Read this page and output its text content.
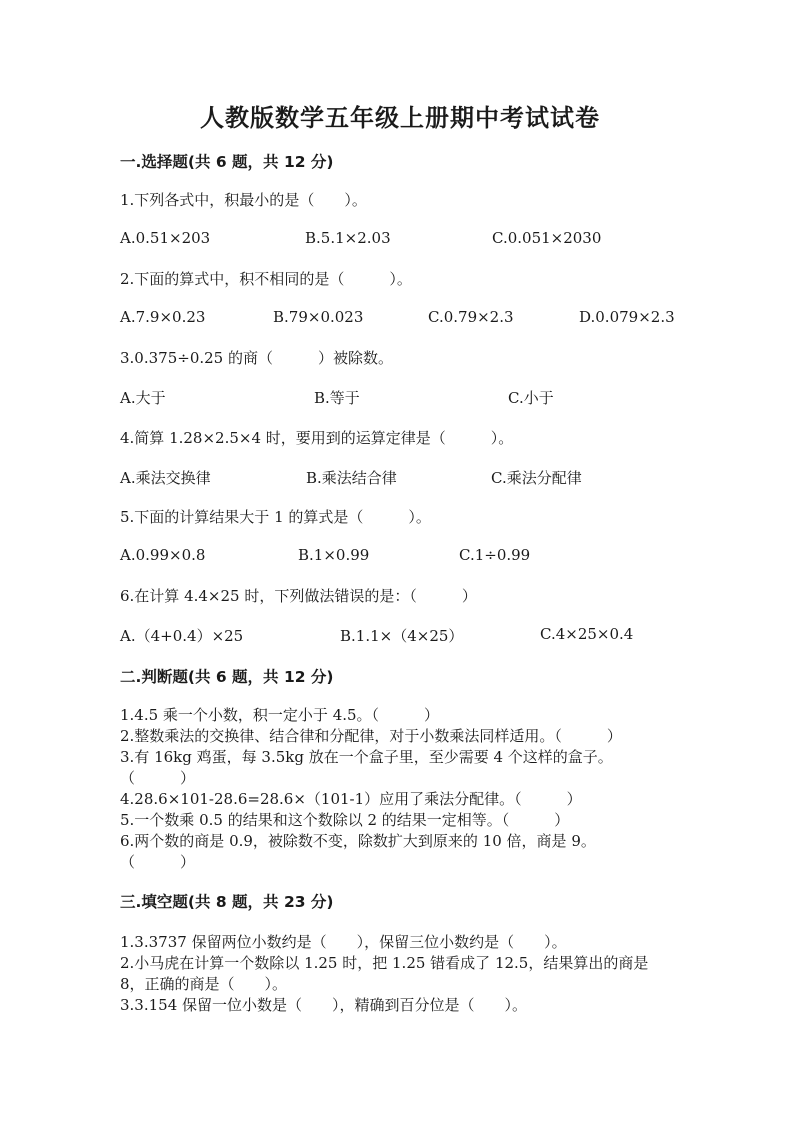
人教版数学五年级上册期中考试试卷
一.选择题(共 6 题，共 12 分)
1.下列各式中，积最小的是（　　）。
A.0.51×203	B.5.1×2.03	C.0.051×2030
2.下面的算式中，积不相同的是（　　　）。
A.7.9×0.23	B.79×0.023	C.0.79×2.3	D.0.079×2.3
3.0.375÷0.25 的商（　　　）被除数。
A.大于	B.等于	C.小于
4.简算 1.28×2.5×4 时，要用到的运算定律是（　　　）。
A.乘法交换律	B.乘法结合律	C.乘法分配律
5.下面的计算结果大于 1 的算式是（　　　）。
A.0.99×0.8	B.1×0.99	C.1÷0.99
6.在计算 4.4×25 时，下列做法错误的是：（　　　）
A.（4+0.4）×25	B.1.1×（4×25）	C.4×25×0.4
二.判断题(共 6 题，共 12 分)
1.4.5 乘一个小数，积一定小于 4.5。（　　　）
2.整数乘法的交换律、结合律和分配律，对于小数乘法同样适用。（　　　）
3.有 16kg 鸡蛋，每 3.5kg 放在一个盒子里，至少需要 4 个这样的盒子。
（　　　）
4.28.6×101-28.6=28.6×（101-1）应用了乘法分配律。（　　　）
5.一个数乘 0.5 的结果和这个数除以 2 的结果一定相等。（　　　）
6.两个数的商是 0.9，被除数不变，除数扩大到原来的 10 倍，商是 9。
（　　　）
三.填空题(共 8 题，共 23 分)
1.3.3737 保留两位小数约是（　　），保留三位小数约是（　　）。
2.小马虎在计算一个数除以 1.25 时，把 1.25 错看成了 12.5，结果算出的商是
8，正确的商是（　　）。
3.3.154 保留一位小数是（　　），精确到百分位是（　　）。
